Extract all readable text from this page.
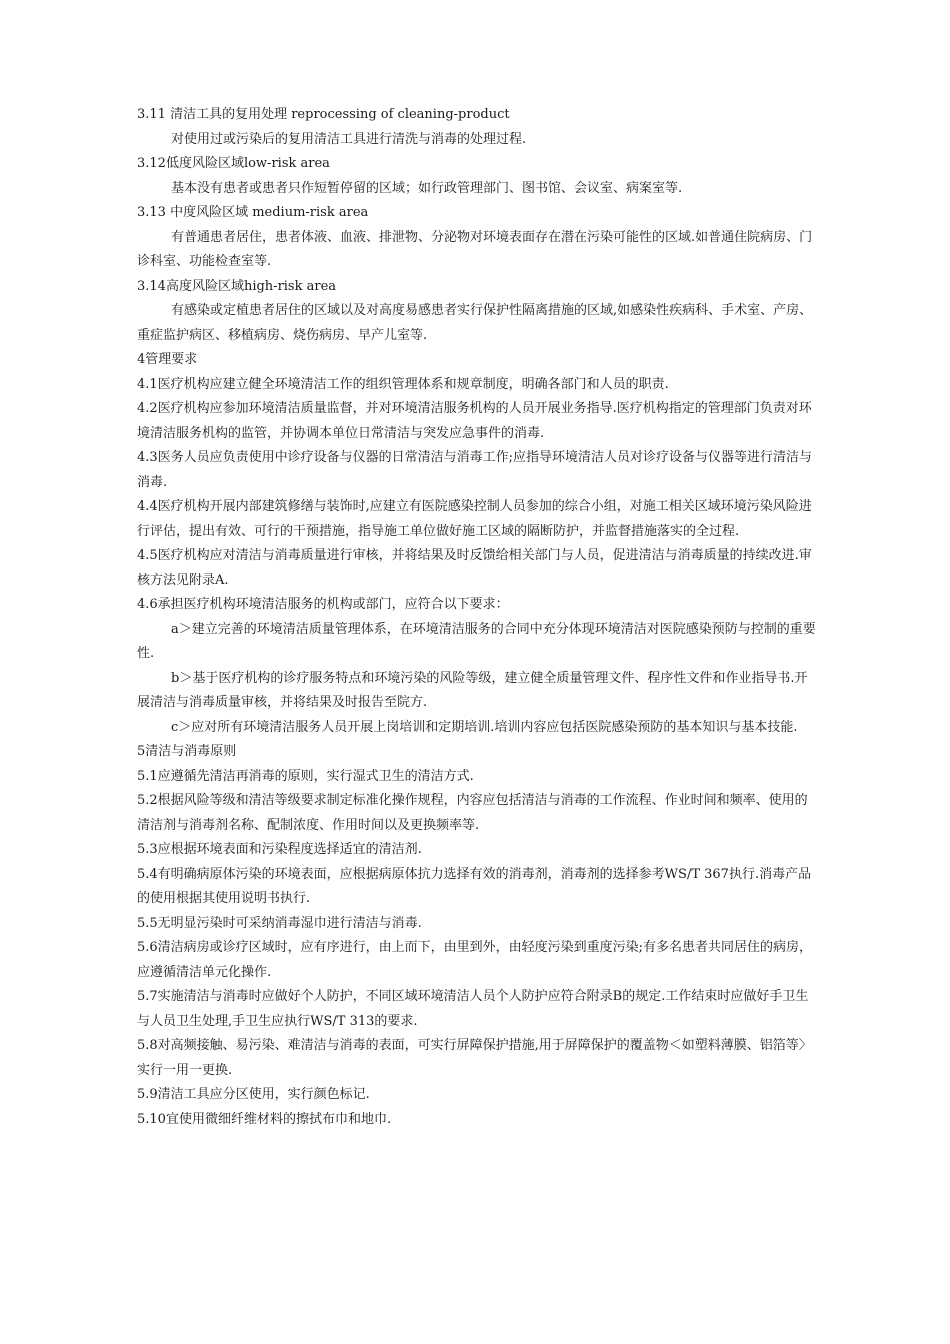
3.11 清洁工具的复用处理 reprocessing of cleaning-product

对使用过或污染后的复用清洁工具进行清洗与消毒的处理过程.

3.12低度风险区域low-risk area

基本没有患者或患者只作短暂停留的区域；如行政管理部门、图书馆、会议室、病案室等.

3.13 中度风险区域 medium-risk area

有普通患者居住，患者体液、血液、排泄物、分泌物对环境表面存在潜在污染可能性的区域.如普通住院病房、门诊科室、功能检查室等.

3.14高度风险区域high-risk area

有感染或定植患者居住的区域以及对高度易感患者实行保护性隔离措施的区域,如感染性疾病科、手术室、产房、重症监护病区、移植病房、烧伤病房、早产儿室等.

4管理要求

4.1医疗机构应建立健全环境清洁工作的组织管理体系和规章制度，明确各部门和人员的职责.

4.2医疗机构应参加环境清洁质量监督，并对环境清洁服务机构的人员开展业务指导.医疗机构指定的管理部门负责对环境清洁服务机构的监管，并协调本单位日常清洁与突发应急事件的消毒.

4.3医务人员应负责使用中诊疗设备与仪器的日常清洁与消毒工作;应指导环境清洁人员对诊疗设备与仪器等进行清洁与消毒.

4.4医疗机构开展内部建筑修缮与装饰时,应建立有医院感染控制人员参加的综合小组，对施工相关区域环境污染风险进行评估，提出有效、可行的干预措施，指导施工单位做好施工区域的隔断防护，并监督措施落实的全过程.

4.5医疗机构应对清洁与消毒质量进行审核，并将结果及时反馈给相关部门与人员，促进清洁与消毒质量的持续改进.审核方法见附录A.

4.6承担医疗机构环境清洁服务的机构或部门，应符合以下要求：

a＞建立完善的环境清洁质量管理体系，在环境清洁服务的合同中充分体现环境清洁对医院感染预防与控制的重要性.

b＞基于医疗机构的诊疗服务特点和环境污染的风险等级，建立健全质量管理文件、程序性文件和作业指导书.开展清洁与消毒质量审核，并将结果及时报告至院方.

c＞应对所有环境清洁服务人员开展上岗培训和定期培训.培训内容应包括医院感染预防的基本知识与基本技能.

5清洁与消毒原则

5.1应遵循先清洁再消毒的原则，实行湿式卫生的清洁方式.

5.2根据风险等级和清洁等级要求制定标准化操作规程，内容应包括清洁与消毒的工作流程、作业时间和频率、使用的清洁剂与消毒剂名称、配制浓度、作用时间以及更换频率等.

5.3应根据环境表面和污染程度选择适宜的清洁剂.

5.4有明确病原体污染的环境表面，应根据病原体抗力选择有效的消毒剂，消毒剂的选择参考WS/T 367执行.消毒产品的使用根据其使用说明书执行.

5.5无明显污染时可采纳消毒湿巾进行清洁与消毒.

5.6清洁病房或诊疗区域时，应有序进行，由上而下，由里到外，由轻度污染到重度污染;有多名患者共同居住的病房，应遵循清洁单元化操作.

5.7实施清洁与消毒时应做好个人防护，不同区域环境清洁人员个人防护应符合附录B的规定.工作结束时应做好手卫生与人员卫生处理,手卫生应执行WS/T 313的要求.

5.8对高频接触、易污染、难清洁与消毒的表面，可实行屏障保护措施,用于屏障保护的覆盖物＜如塑料薄膜、铝箔等〉实行一用一更换.

5.9清洁工具应分区使用，实行颜色标记.

5.10宜使用微细纤维材料的擦拭布巾和地巾.
